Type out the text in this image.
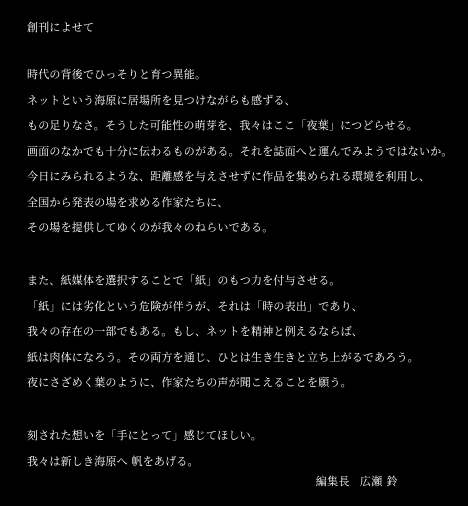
創刊によせて
時代の背後でひっそりと育つ異能。
ネットという海原に居場所を見つけながらも感ずる、
もの足りなさ。そうした可能性の萌芽を、我々はここ「夜葉」につどらせる。
画面のなかでも十分に伝わるものがある。それを誌面へと運んでみようではないか。
今日にみられるような、距離感を与えさせずに作品を集められる環境を利用し、
全国から発表の場を求める作家たちに、
その場を提供してゆくのが我々のねらいである。
また、紙媒体を選択することで「紙」のもつ力を付与させる。
「紙」には劣化という危険が伴うが、それは「時の表出」であり、
我々の存在の一部でもある。もし、ネットを精神と例えるならば、
紙は肉体になろう。その両方を通じ、ひとは生き生きと立ち上がるであろう。
夜にさざめく葉のように、作家たちの声が聞こえることを願う。
刻された想いを「手にとって」感じてほしい。
我々は新しき海原へ 帆をあげる。
編集長 広瀬 鈴
